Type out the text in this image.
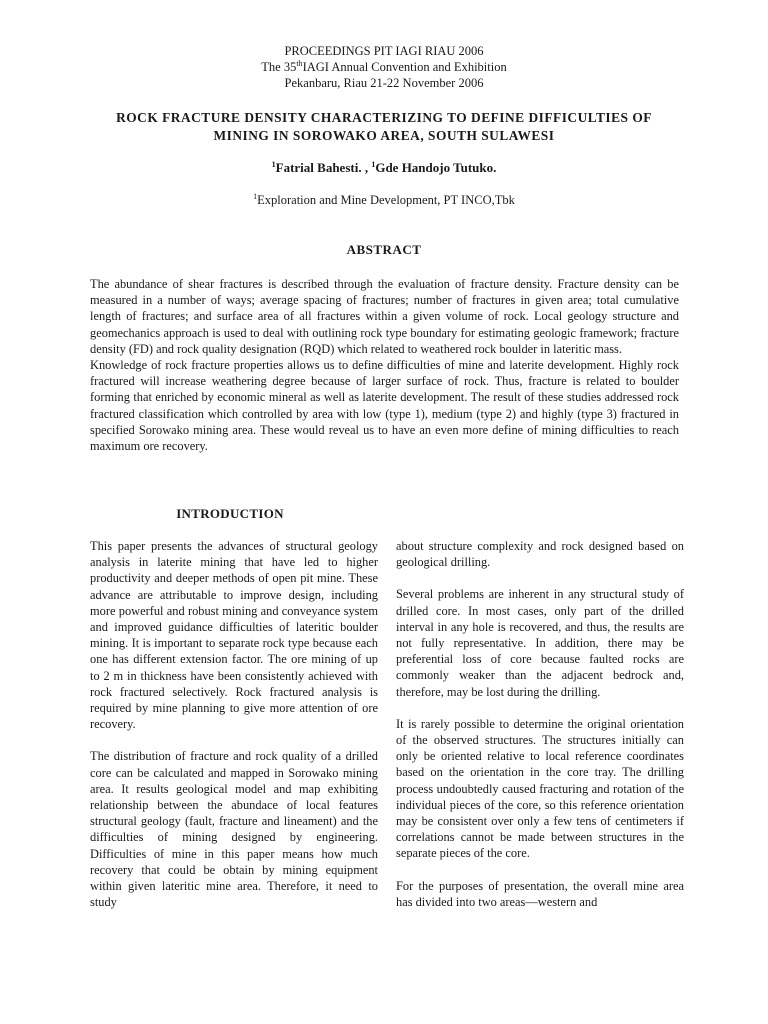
PROCEEDINGS PIT IAGI RIAU 2006
The 35thIAGI Annual Convention and Exhibition
Pekanbaru, Riau 21-22 November 2006
ROCK FRACTURE DENSITY CHARACTERIZING TO DEFINE DIFFICULTIES OF
MINING IN SOROWAKO AREA, SOUTH SULAWESI
$^1$Fatrial Bahesti. , $^1$Gde Handojo Tutuko.
$^1$Exploration and Mine Development, PT INCO,Tbk
ABSTRACT

The abundance of shear fractures is described through the evaluation of fracture density. Fracture density can be measured in a number of ways; average spacing of fractures; number of fractures in given area; total cumulative length of fractures; and surface area of all fractures within a given volume of rock. Local geology structure and geomechanics approach is used to deal with outlining rock type boundary for estimating geologic framework; fracture density (FD) and rock quality designation (RQD) which related to weathered rock boulder in lateritic mass.

Knowledge of rock fracture properties allows us to define difficulties of mine and laterite development. Highly rock fractured will increase weathering degree because of larger surface of rock. Thus, fracture is related to boulder forming that enriched by economic mineral as well as laterite development. The result of these studies addressed rock fractured classification which controlled by area with low (type 1), medium (type 2) and highly (type 3) fractured in specified Sorowako mining area. These would reveal us to have an even more define of mining difficulties to reach maximum ore recovery.

INTRODUCTION

This paper presents the advances of structural geology analysis in laterite mining that have led to higher productivity and deeper methods of open pit mine. These advance are attributable to improve design, including more powerful and robust mining and conveyance system and improved guidance difficulties of lateritic boulder mining. It is important to separate rock type because each one has different extension factor. The ore mining of up to 2 m in thickness have been consistently achieved with rock fractured selectively. Rock fractured analysis is required by mine planning to give more attention of ore recovery.

The distribution of fracture and rock quality of a drilled core can be calculated and mapped in Sorowako mining area. It results geological model and map exhibiting relationship between the abundace of local features structural geology (fault, fracture and lineament) and the difficulties of mining designed by engineering. Difficulties of mine in this paper means how much recovery that could be obtain by mining equipment within given lateritic mine area. Therefore, it need to study

about structure complexity and rock designed based on geological drilling.

Several problems are inherent in any structural study of drilled core. In most cases, only part of the drilled interval in any hole is recovered, and thus, the results are not fully representative. In addition, there may be preferential loss of core because faulted rocks are commonly weaker than the adjacent bedrock and, therefore, may be lost during the drilling.

It is rarely possible to determine the original orientation of the observed structures. The structures initially can only be oriented relative to local reference coordinates based on the orientation in the core tray. The drilling process undoubtedly caused fracturing and rotation of the individual pieces of the core, so this reference orientation may be consistent over only a few tens of centimeters if correlations cannot be made between structures in the separate pieces of the core.

For the purposes of presentation, the overall mine area has divided into two areas—western and
